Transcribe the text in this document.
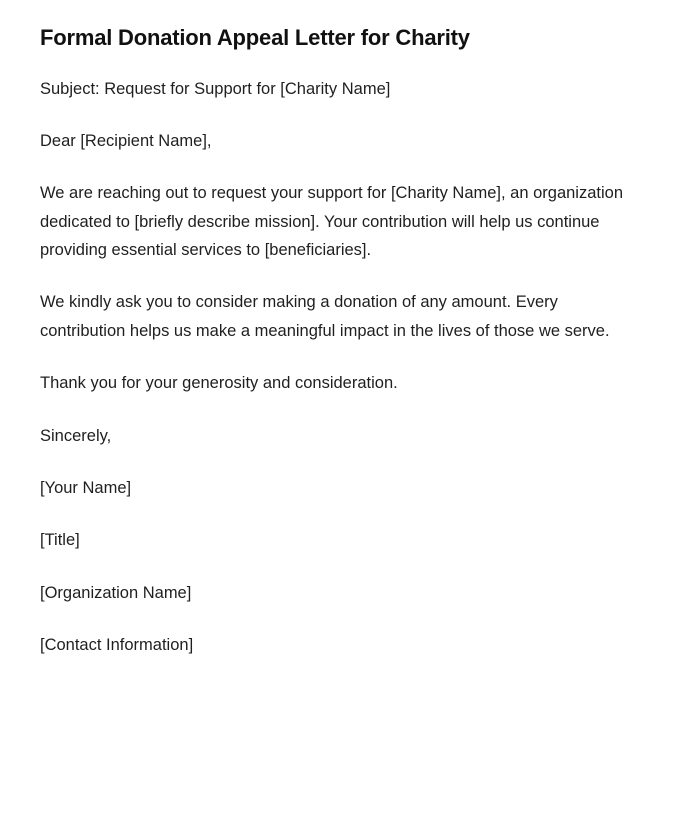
Formal Donation Appeal Letter for Charity

Subject: Request for Support for [Charity Name]

Dear [Recipient Name],

We are reaching out to request your support for [Charity Name], an organization dedicated to [briefly describe mission]. Your contribution will help us continue providing essential services to [beneficiaries].

We kindly ask you to consider making a donation of any amount. Every contribution helps us make a meaningful impact in the lives of those we serve.

Thank you for your generosity and consideration.

Sincerely,

[Your Name]

[Title]

[Organization Name]

[Contact Information]
